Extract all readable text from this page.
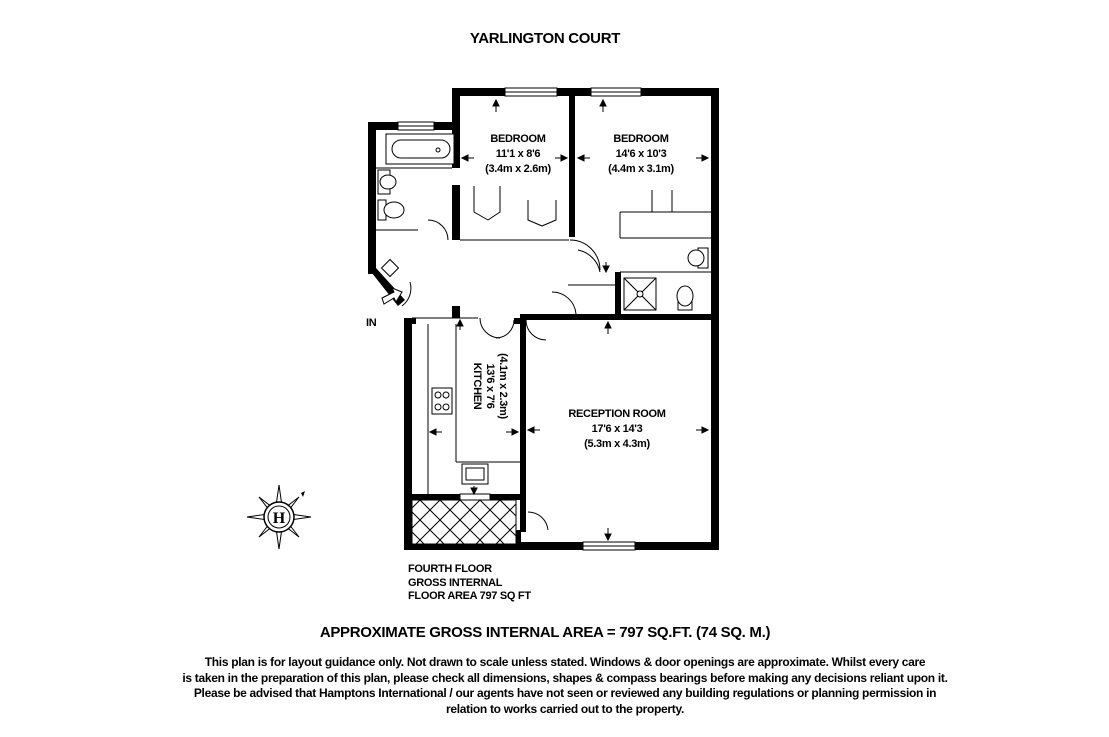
YARLINGTON COURT
IN
BEDROOM
11'1 x 8'6
(3.4m x 2.6m)
BEDROOM
14'6 x 10'3
(4.4m x 3.1m)
KITCHEN 13'6 x 7'6 (4.1m x 2.3m)	RECEPTION ROOM
17'6 x 14'3
(5.3m x 4.3m)
H
FOURTH FLOOR
GROSS INTERNAL
FLOOR AREA 797 SQ FT
APPROXIMATE GROSS INTERNAL AREA = 797 SQ.FT. (74 SQ. M.)
This plan is for layout guidance only. Not drawn to scale unless stated. Windows & door openings are approximate. Whilst every care
is taken in the preparation of this plan, please check all dimensions, shapes & compass bearings before making any decisions reliant upon it.
Please be advised that Hamptons International / our agents have not seen or reviewed any building regulations or planning permission in
relation to works carried out to the property.
